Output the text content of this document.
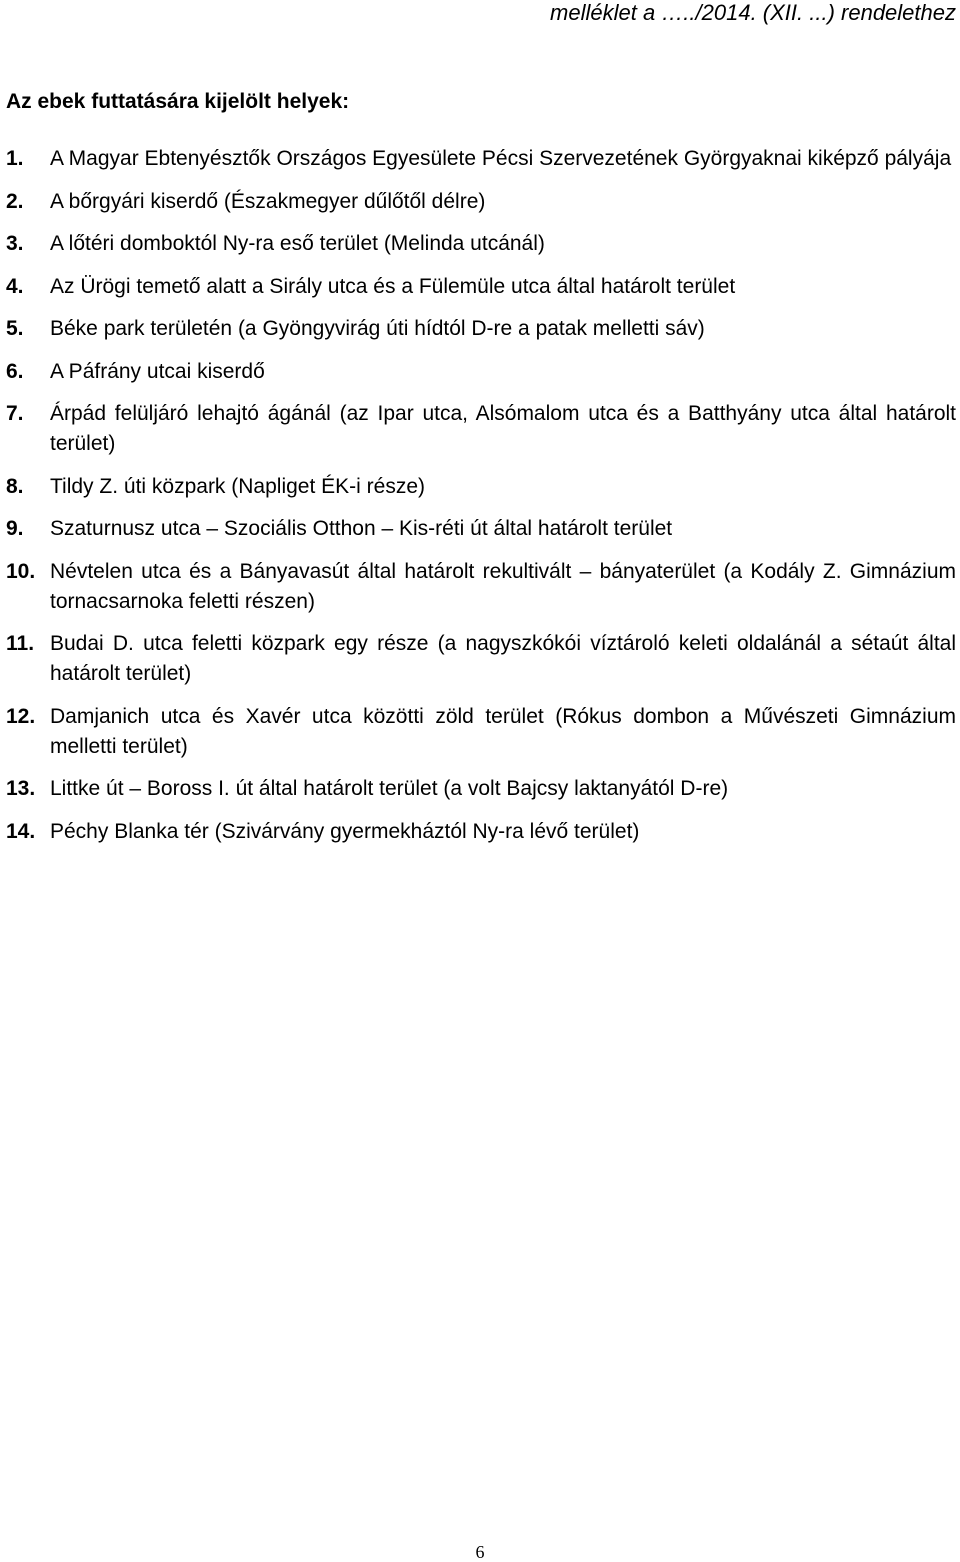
melléklet a …../2014. (XII. ...) rendelethez
Az ebek futtatására kijelölt helyek:
1.	A Magyar Ebtenyésztők Országos Egyesülete Pécsi Szervezetének Györgyaknai kiképző pályája
2.	A bőrgyári kiserdő (Északmegyer dűlőtől délre)
3.	A lőtéri domboktól Ny-ra eső terület (Melinda utcánál)
4.	Az Ürögi temető alatt a Sirály utca és a Fülemüle utca által határolt terület
5.	Béke park területén (a Gyöngyvirág úti hídtól D-re a patak melletti sáv)
6.	A Páfrány utcai kiserdő
7.	Árpád felüljáró lehajtó ágánál (az Ipar utca, Alsómalom utca és a Batthyány utca által határolt terület)
8.	Tildy Z. úti közpark (Napliget ÉK-i része)
9.	Szaturnusz utca – Szociális Otthon – Kis-réti út által határolt terület
10. Névtelen utca és a Bányavasút által határolt rekultivált – bányaterület (a Kodály Z. Gimnázium tornacsarnoka feletti részen)
11. Budai D. utca feletti közpark egy része (a nagyszkókói víztároló keleti oldalánál a sétaút által határolt terület)
12. Damjanich utca és Xavér utca közötti zöld terület (Rókus dombon a Művészeti Gimnázium melletti terület)
13. Littke út – Boross I. út által határolt terület (a volt Bajcsy laktanyától D-re)
14. Péchy Blanka tér (Szivárvány gyermekháztól Ny-ra lévő terület)
6
